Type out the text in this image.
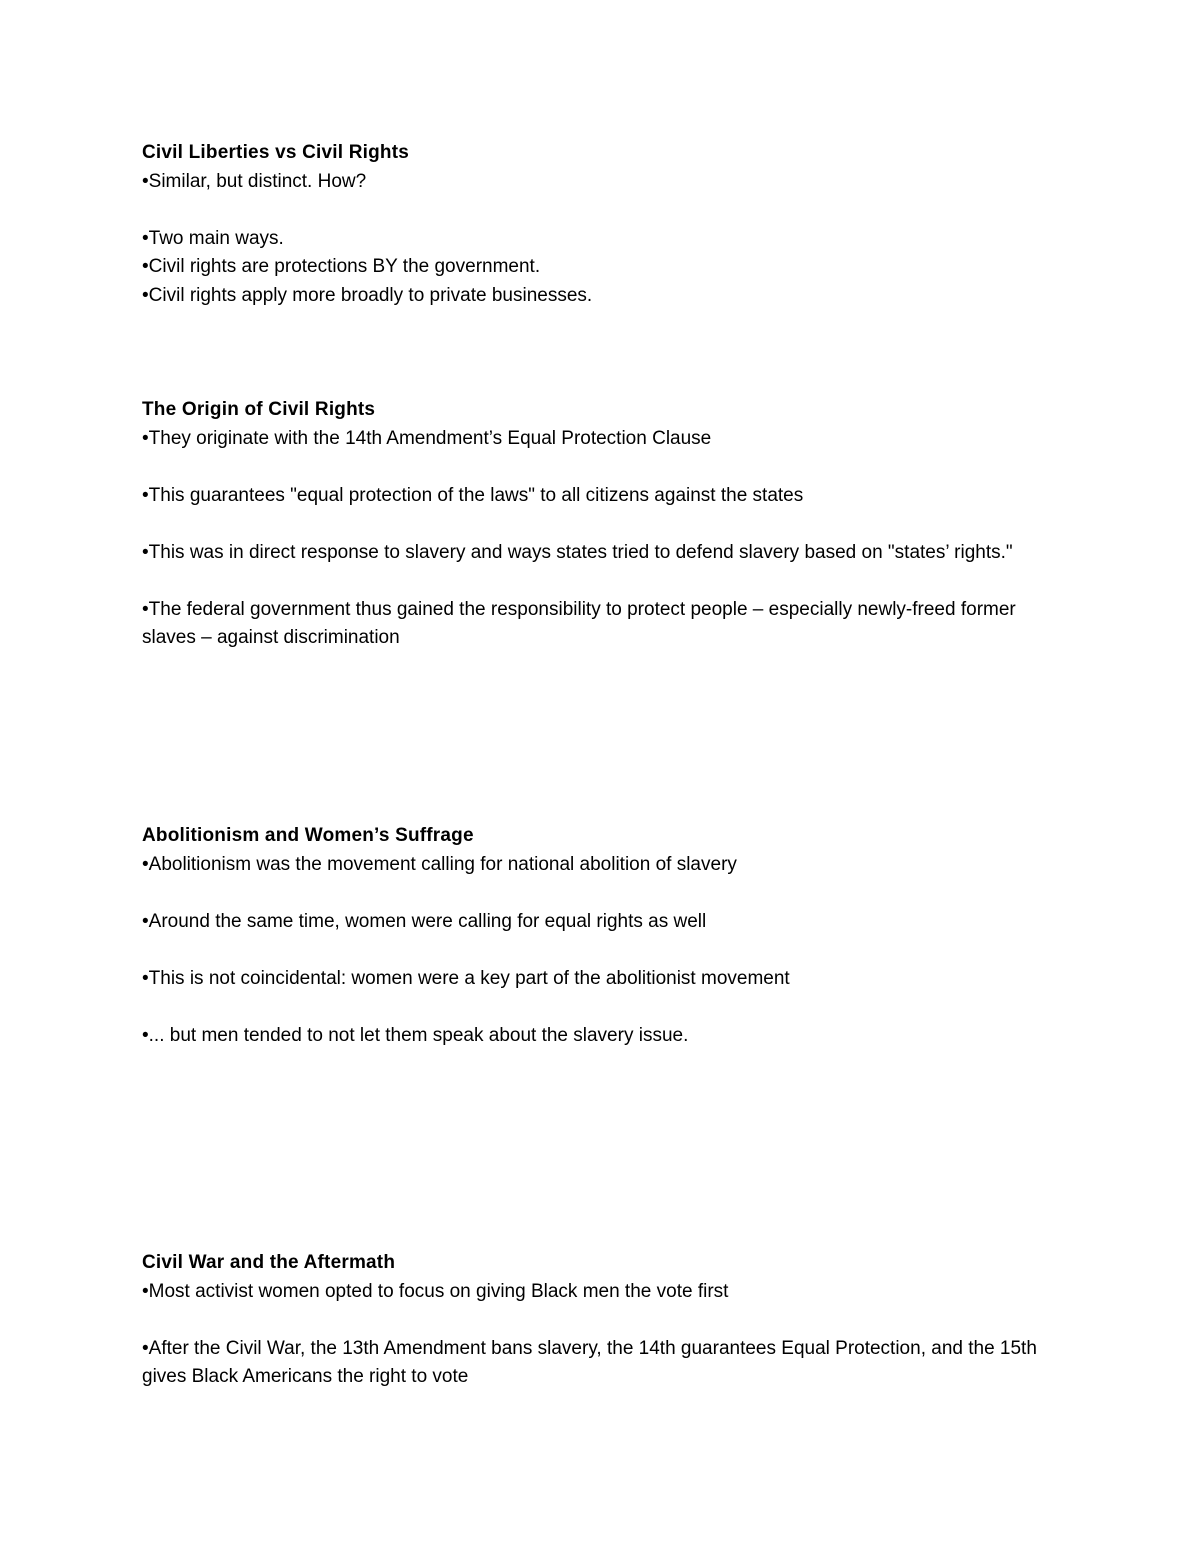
Civil Liberties vs Civil Rights

•Similar, but distinct. How?

•Two main ways.

•Civil rights are protections BY the government.

•Civil rights apply more broadly to private businesses.

The Origin of Civil Rights

•They originate with the 14th Amendment’s Equal Protection Clause

•This guarantees "equal protection of the laws" to all citizens against the states

•This was in direct response to slavery and ways states tried to defend slavery based on "states’ rights."

•The federal government thus gained the responsibility to protect people – especially newly-freed former slaves – against discrimination

Abolitionism and Women’s Suffrage

•Abolitionism was the movement calling for national abolition of slavery

•Around the same time, women were calling for equal rights as well

•This is not coincidental: women were a key part of the abolitionist movement

•... but men tended to not let them speak about the slavery issue.

Civil War and the Aftermath

•Most activist women opted to focus on giving Black men the vote first

•After the Civil War, the 13th Amendment bans slavery, the 14th guarantees Equal Protection, and the 15th gives Black Americans the right to vote
